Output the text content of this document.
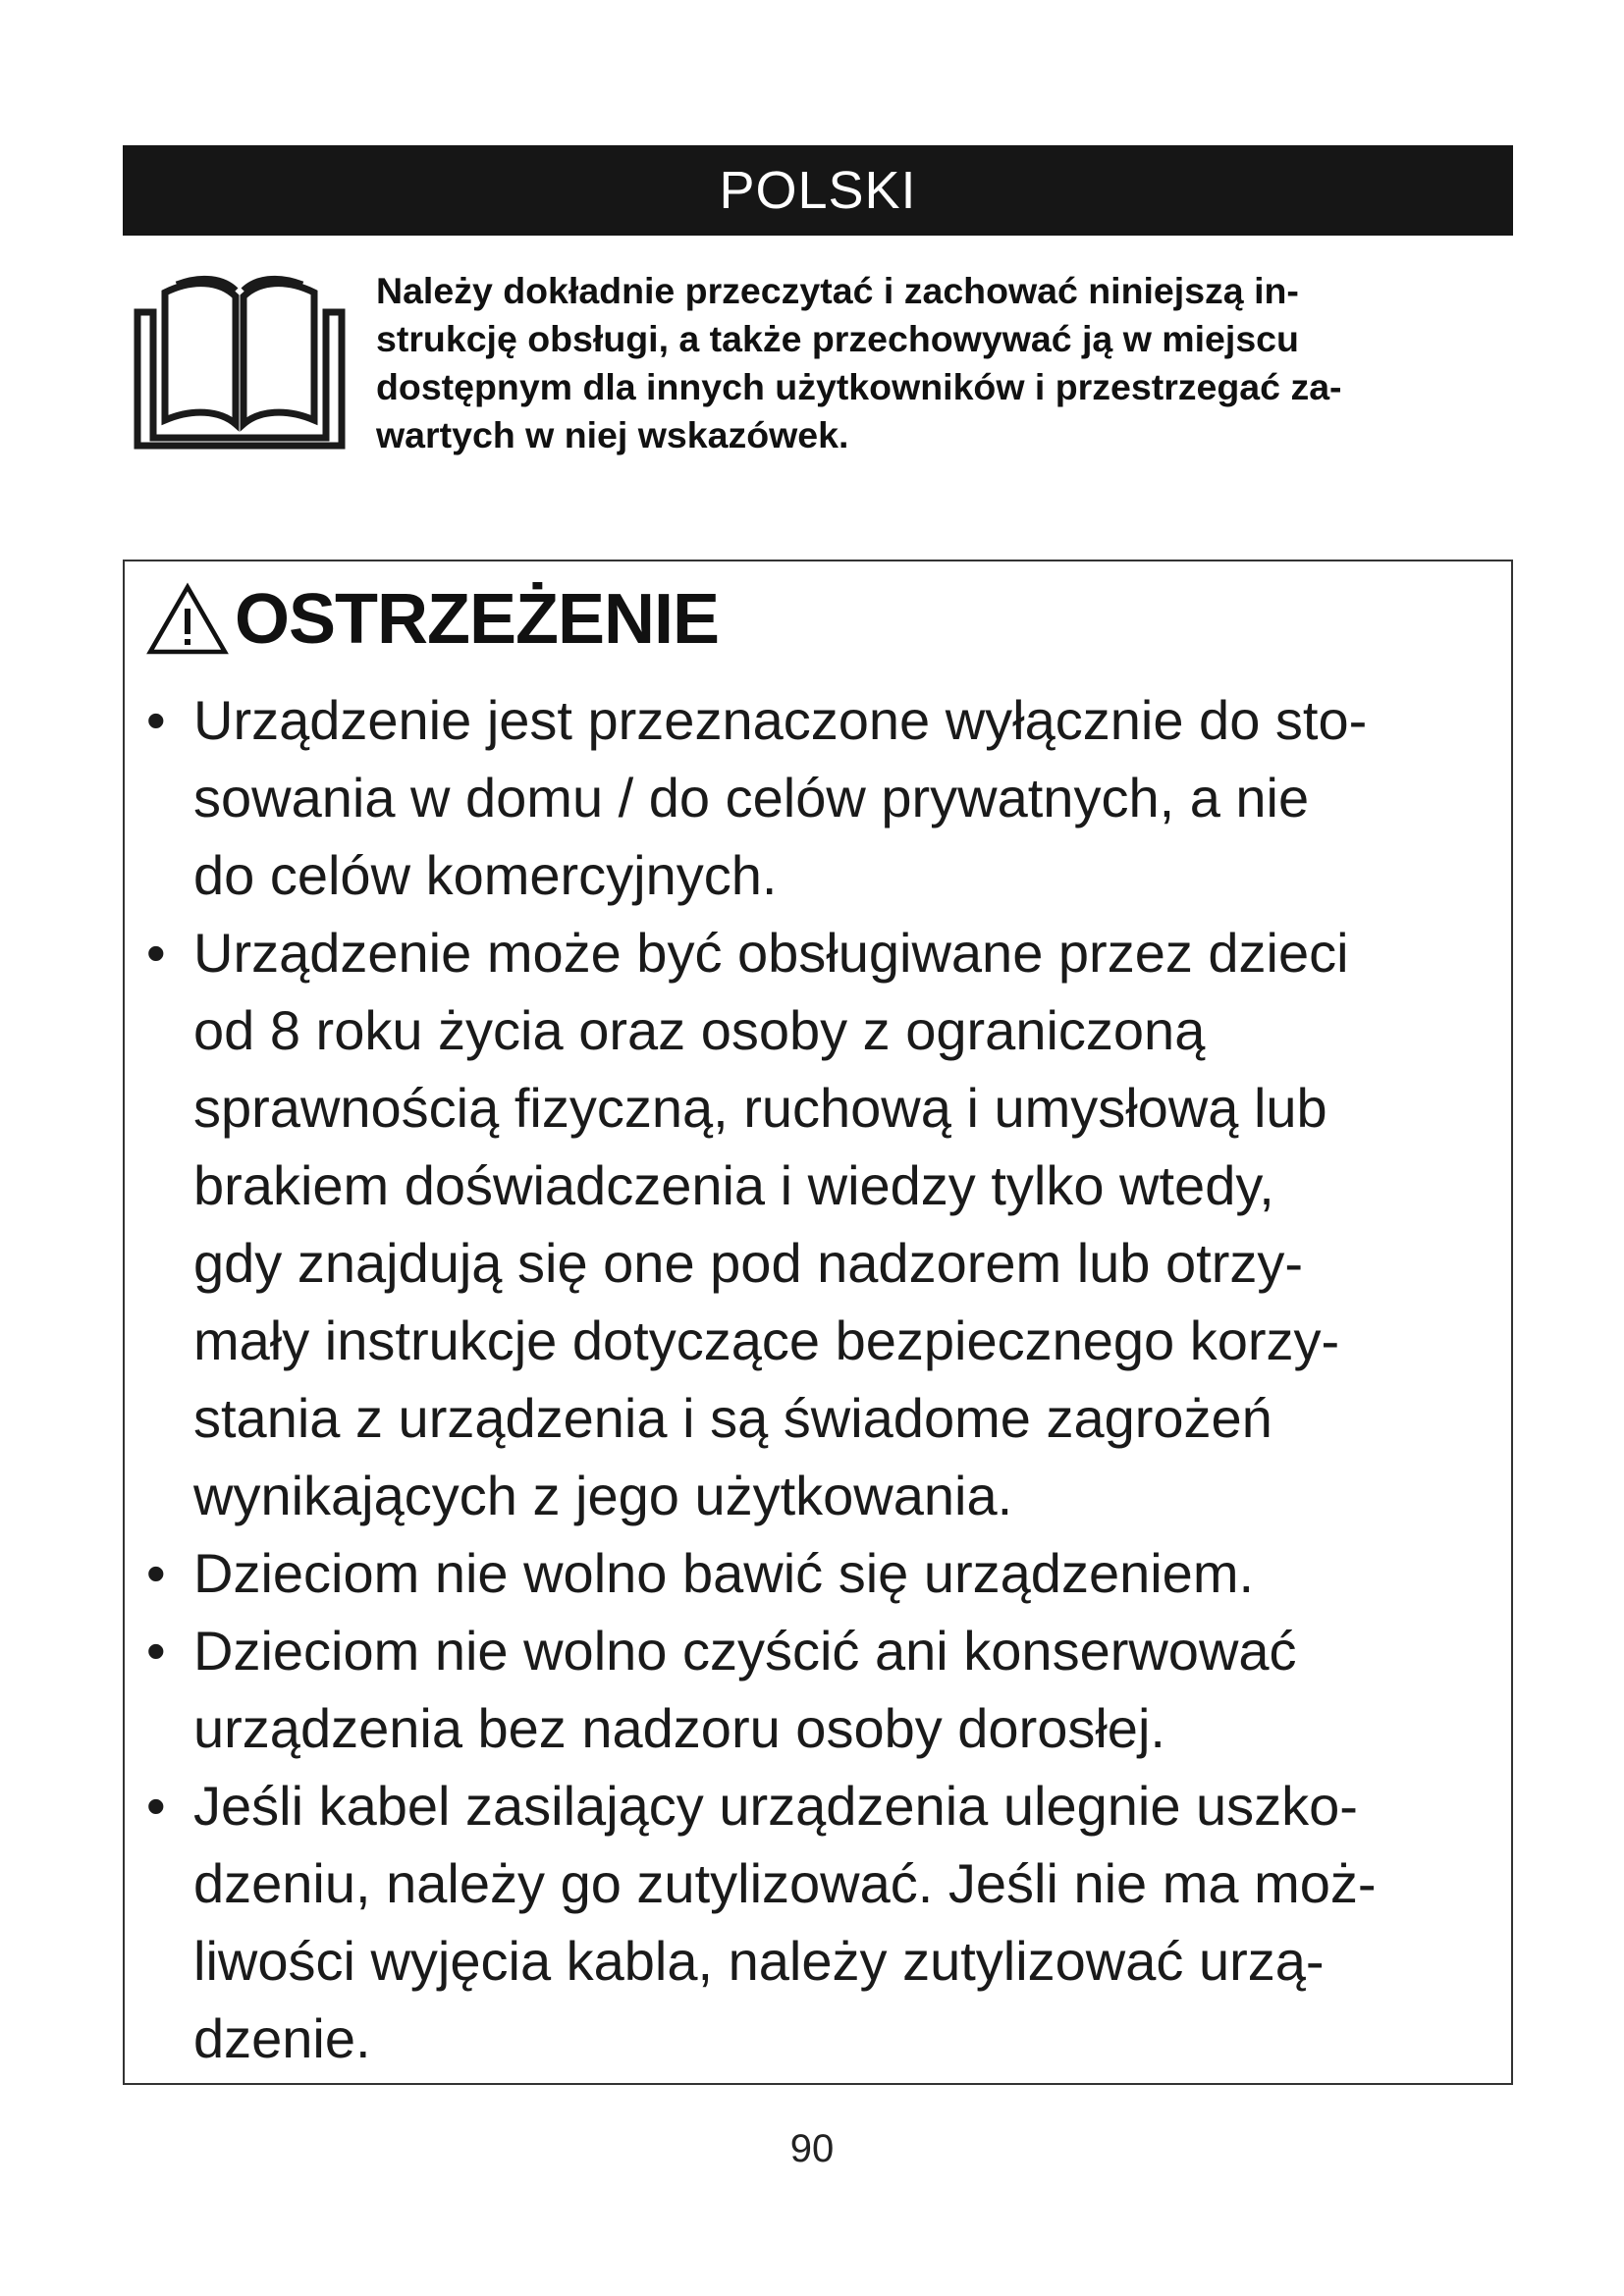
POLSKI
Należy dokładnie przeczytać i zachować niniejszą in-
strukcję obsługi, a także przechowywać ją w miejscu
dostępnym dla innych użytkowników i przestrzegać za-
wartych w niej wskazówek.
OSTRZEŻENIE
• Urządzenie jest przeznaczone wyłącznie do sto-
sowania w domu / do celów prywatnych, a nie
do celów komercyjnych.
• Urządzenie może być obsługiwane przez dzieci
od 8 roku życia oraz osoby z ograniczoną
sprawnością fizyczną, ruchową i umysłową lub
brakiem doświadczenia i wiedzy tylko wtedy,
gdy znajdują się one pod nadzorem lub otrzy-
mały instrukcje dotyczące bezpiecznego korzy-
stania z urządzenia i są świadome zagrożeń
wynikających z jego użytkowania.
• Dzieciom nie wolno bawić się urządzeniem.
• Dzieciom nie wolno czyścić ani konserwować
urządzenia bez nadzoru osoby dorosłej.
• Jeśli kabel zasilający urządzenia ulegnie uszko-
dzeniu, należy go zutylizować. Jeśli nie ma moż-
liwości wyjęcia kabla, należy zutylizować urzą-
dzenie.
90
